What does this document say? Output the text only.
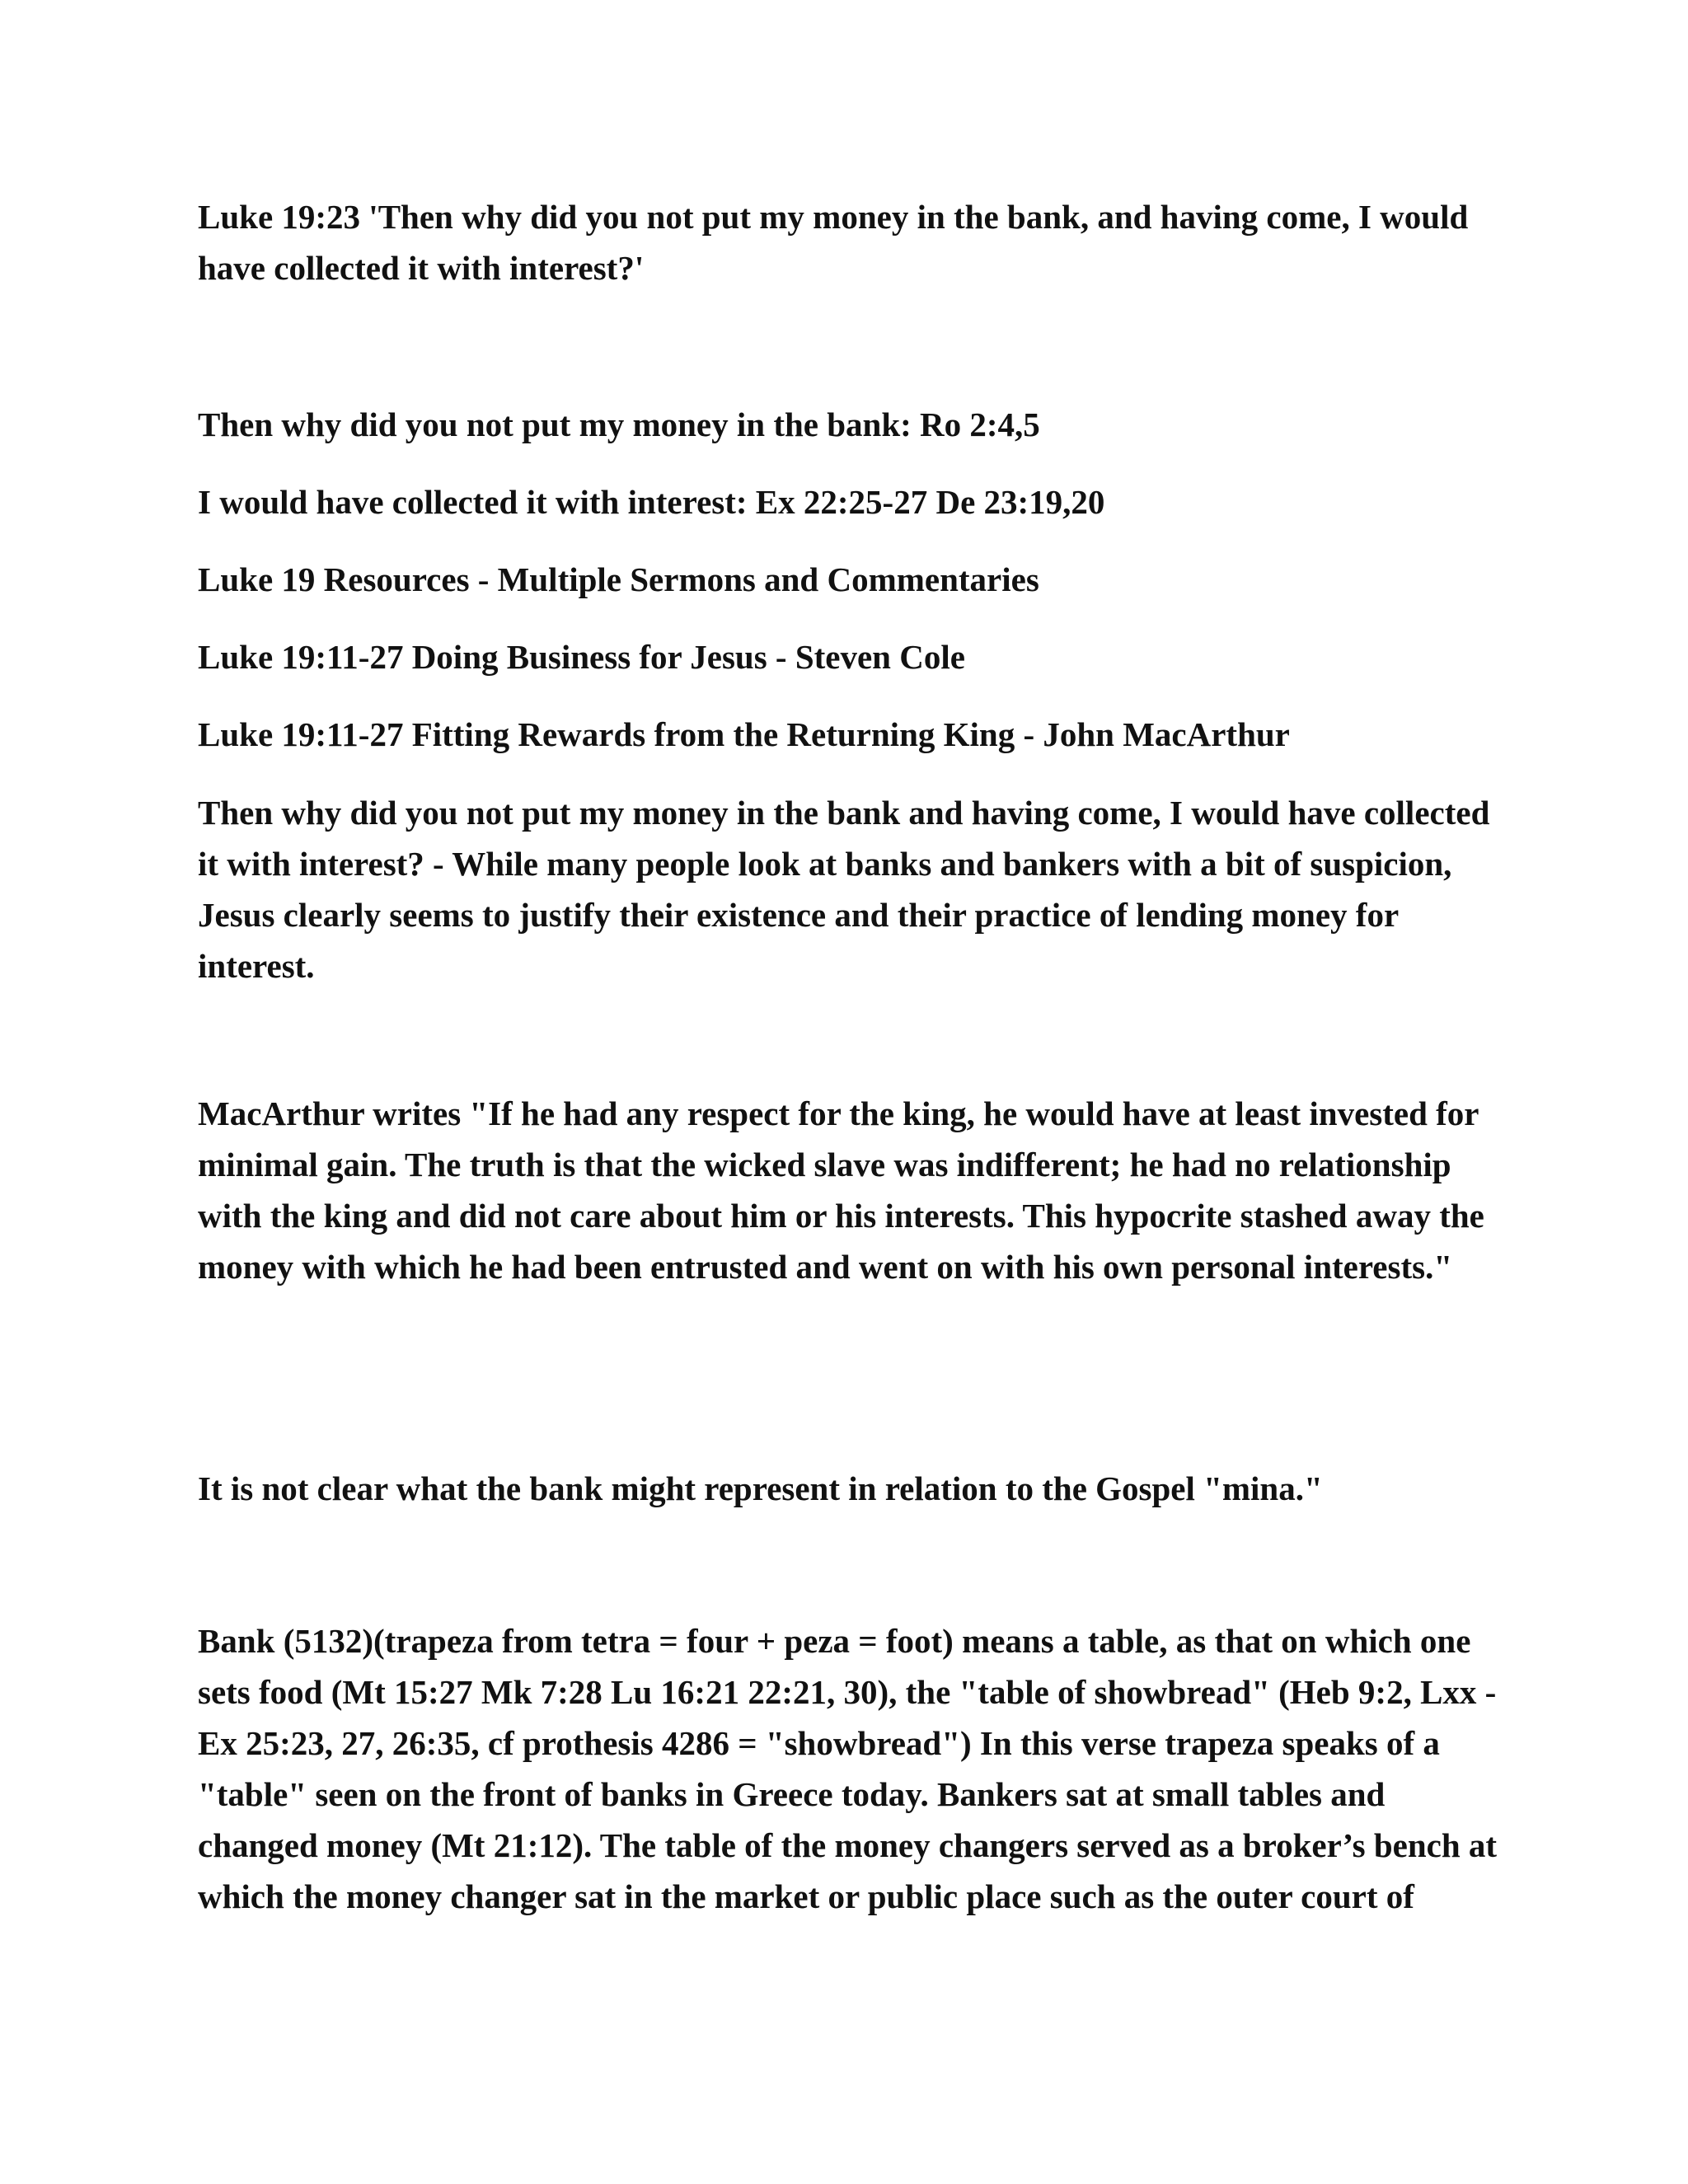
Luke 19:23 'Then why did you not put my money in the bank, and having come, I would have collected it with interest?'

Then why did you not put my money in the bank: Ro 2:4,5

I would have collected it with interest: Ex 22:25-27 De 23:19,20

Luke 19 Resources - Multiple Sermons and Commentaries

Luke 19:11-27 Doing Business for Jesus - Steven Cole

Luke 19:11-27 Fitting Rewards from the Returning King - John MacArthur

Then why did you not put my money in the bank and having come, I would have collected it with interest? - While many people look at banks and bankers with a bit of suspicion, Jesus clearly seems to justify their existence and their practice of lending money for interest.

MacArthur writes "If he had any respect for the king, he would have at least invested for minimal gain. The truth is that the wicked slave was indifferent; he had no relationship with the king and did not care about him or his interests. This hypocrite stashed away the money with which he had been entrusted and went on with his own personal interests."

It is not clear what the bank might represent in relation to the Gospel "mina."

Bank (5132)(trapeza from tetra = four + peza = foot) means a table, as that on which one sets food (Mt 15:27 Mk 7:28 Lu 16:21 22:21, 30), the "table of showbread" (Heb 9:2, Lxx - Ex 25:23, 27, 26:35, cf prothesis 4286 = "showbread") In this verse trapeza speaks of a "table" seen on the front of banks in Greece today. Bankers sat at small tables and changed money (Mt 21:12). The table of the money changers served as a broker’s bench at which the money changer sat in the market or public place such as the outer court of
